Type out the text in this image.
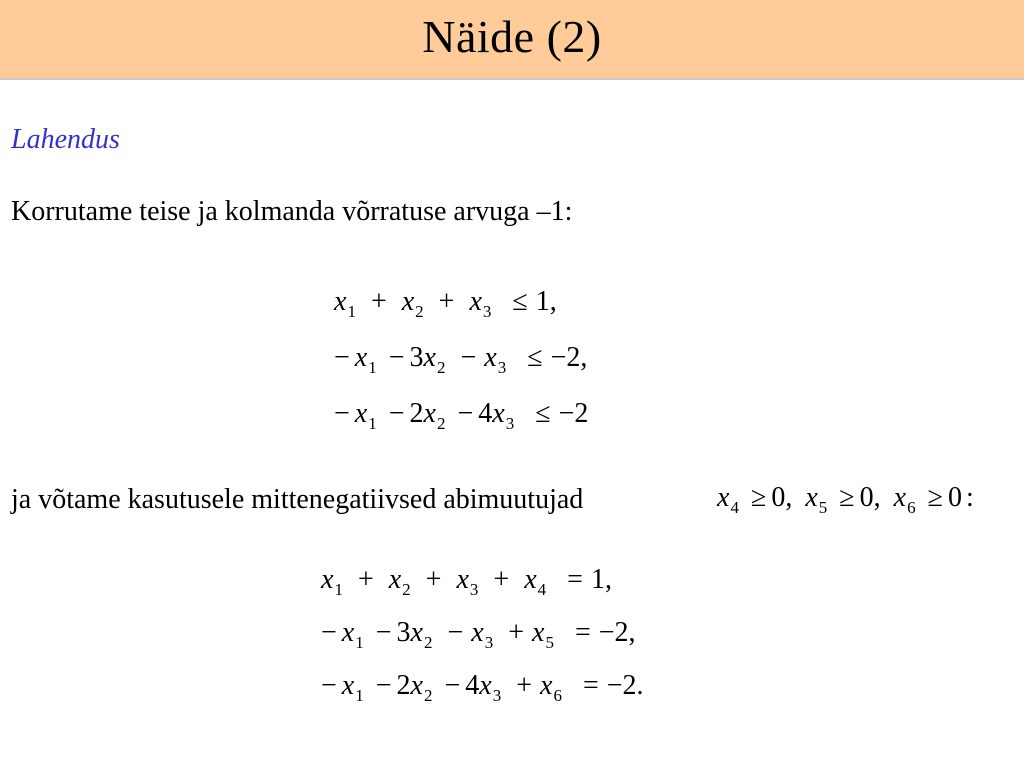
Näide (2)
Lahendus
Korrutame teise ja kolmanda võrratuse arvuga –1:
$x_1 + x_2 + x_3 \le 1$,
− $x_1 - 3x_2 - x_3 \le -2$,
− $x_1 - 2x_2 - 4x_3 \le -2$
ja võtame kasutusele mittenegatiivsed abimuutujad	$x_4 \ge 0$, $x_5 \ge 0$, $x_6 \ge 0$ :
$x_1 + x_2 + x_3 + x_4 = 1$,
− $x_1 - 3x_2 - x_3 + x_5 = -2$,
− $x_1 - 2x_2 - 4x_3 + x_6 = -2$.
